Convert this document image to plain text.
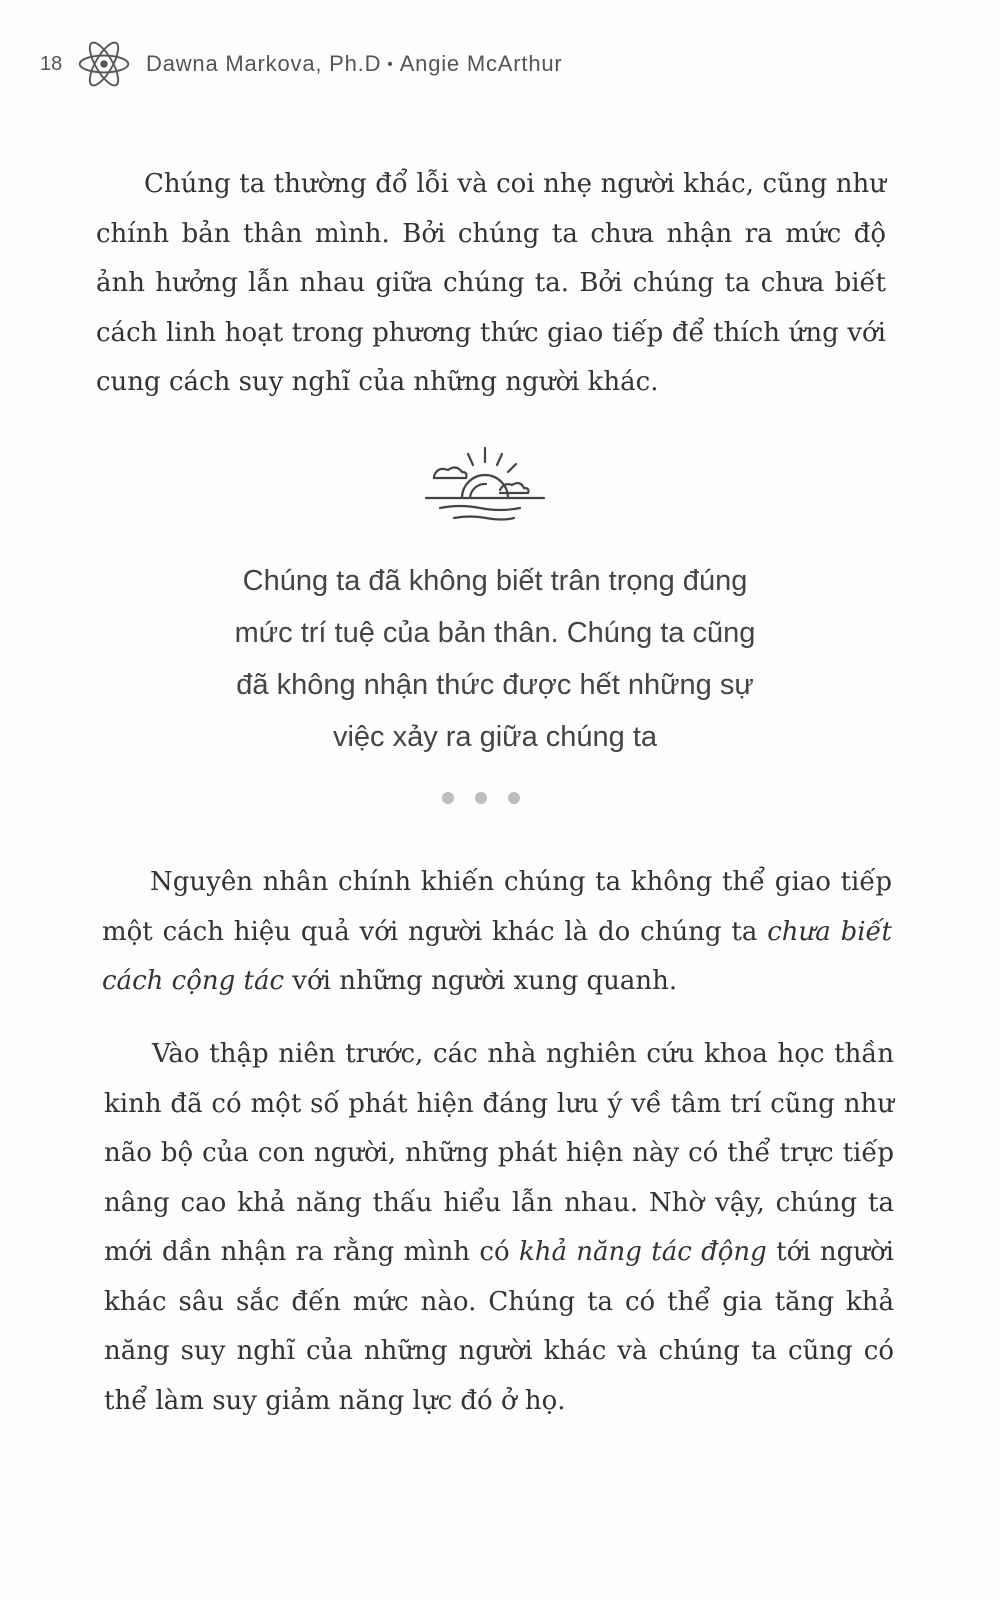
18	Dawna Markova, Ph.D • Angie McArthur

Chúng ta thường đổ lỗi và coi nhẹ người khác, cũng như chính bản thân mình. Bởi chúng ta chưa nhận ra mức độ ảnh hưởng lẫn nhau giữa chúng ta. Bởi chúng ta chưa biết cách linh hoạt trong phương thức giao tiếp để thích ứng với cung cách suy nghĩ của những người khác.

Chúng ta đã không biết trân trọng đúng
mức trí tuệ của bản thân. Chúng ta cũng
đã không nhận thức được hết những sự
việc xảy ra giữa chúng ta

Nguyên nhân chính khiến chúng ta không thể giao tiếp một cách hiệu quả với người khác là do chúng ta chưa biết cách cộng tác với những người xung quanh.

Vào thập niên trước, các nhà nghiên cứu khoa học thần kinh đã có một số phát hiện đáng lưu ý về tâm trí cũng như não bộ của con người, những phát hiện này có thể trực tiếp nâng cao khả năng thấu hiểu lẫn nhau. Nhờ vậy, chúng ta mới dần nhận ra rằng mình có khả năng tác động tới người khác sâu sắc đến mức nào. Chúng ta có thể gia tăng khả năng suy nghĩ của những người khác và chúng ta cũng có thể làm suy giảm năng lực đó ở họ.
